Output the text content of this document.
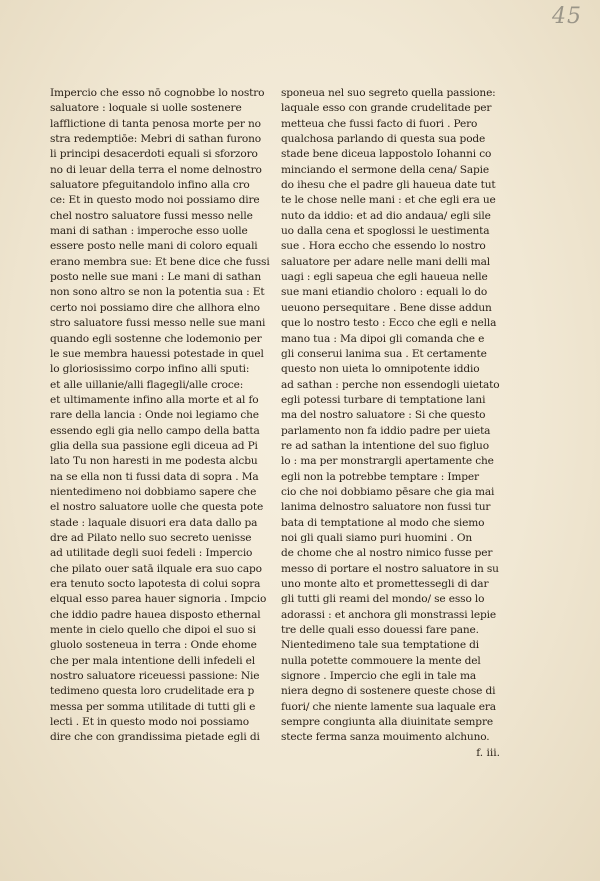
45
Impercio che esso nō cognobbe lo nostro
saluatore : loquale si uolle sostenere
lafflictione di tanta penosa morte per no
stra redemptiōe: Mebri di sathan furono
li principi desacerdoti equali si sforzoro
no di leuar della terra el nome delnostro
saluatore pfeguitandolo infino alla cro
ce: Et in questo modo noi possiamo dire
chel nostro saluatore fussi messo nelle
mani di sathan : imperoche esso uolle
essere posto nelle mani di coloro equali
erano membra sue: Et bene dice che fussi
posto nelle sue mani : Le mani di sathan
non sono altro se non la potentia sua : Et
certo noi possiamo dire che allhora elno
stro saluatore fussi messo nelle sue mani
quando egli sostenne che lodemonio per
le sue membra hauessi potestade in quel
lo gloriosissimo corpo infino alli sputi:
et alle uillanie/alli flagegli/alle croce:
et ultimamente infino alla morte et al fo
rare della lancia : Onde noi legiamo che
essendo egli gia nello campo della batta
glia della sua passione egli diceua ad Pi
lato Tu non haresti in me podesta alcbu
na se ella non ti fussi data di sopra . Ma
nientedimeno noi dobbiamo sapere che
el nostro saluatore uolle che questa pote
stade : laquale disuori era data dallo pa
dre ad Pilato nello suo secreto uenisse
ad utilitade degli suoi fedeli : Impercio
che pilato ouer satā ilquale era suo capo
era tenuto socto lapotesta di colui sopra
elqual esso parea hauer signoria . Impcio
che iddio padre hauea disposto ethernal
mente in cielo quello che dipoi el suo si
gluolo sosteneua in terra : Onde ehome
che per mala intentione delli infedeli el
nostro saluatore riceuessi passione: Nie
tedimeno questa loro crudelitade era p
messa per somma utilitade di tutti gli e
lecti . Et in questo modo noi possiamo
dire che con grandissima pietade egli di
sponeua nel suo segreto quella passione:
laquale esso con grande crudelitade per
metteua che fussi facto di fuori . Pero
qualchosa parlando di questa sua pode
stade bene diceua lappostolo Iohanni co
minciando el sermone della cena/ Sapie
do ihesu che el padre gli haueua date tut
te le chose nelle mani : et che egli era ue
nuto da iddio: et ad dio andaua/ egli sile
uo dalla cena et spoglossi le uestimenta
sue . Hora eccho che essendo lo nostro
saluatore per adare nelle mani delli mal
uagi : egli sapeua che egli haueua nelle
sue mani etiandio choloro : equali lo do
ueuono persequitare . Bene disse addun
que lo nostro testo : Ecco che egli e nella
mano tua : Ma dipoi gli comanda che e
gli conserui lanima sua . Et certamente
questo non uieta lo omnipotente iddio
ad sathan : perche non essendogli uietato
egli potessi turbare di temptatione lani
ma del nostro saluatore : Si che questo
parlamento non fa iddio padre per uieta
re ad sathan la intentione del suo figluo
lo : ma per monstrargli apertamente che
egli non la potrebbe temptare : Imper
cio che noi dobbiamo pēsare che gia mai
lanima delnostro saluatore non fussi tur
bata di temptatione al modo che siemo
noi gli quali siamo puri huomini . On
de chome che al nostro nimico fusse per
messo di portare el nostro saluatore in su
uno monte alto et promettessegli di dar
gli tutti gli reami del mondo/ se esso lo
adorassi : et anchora gli monstrassi lepie
tre delle quali esso douessi fare pane.
Nientedimeno tale sua temptatione di
nulla potette commouere la mente del
signore . Impercio che egli in tale ma
niera degno di sostenere queste chose di
fuori/ che niente lamente sua laquale era
sempre congiunta alla diuinitate sempre
stecte ferma sanza mouimento alchuno.
f. iii.
